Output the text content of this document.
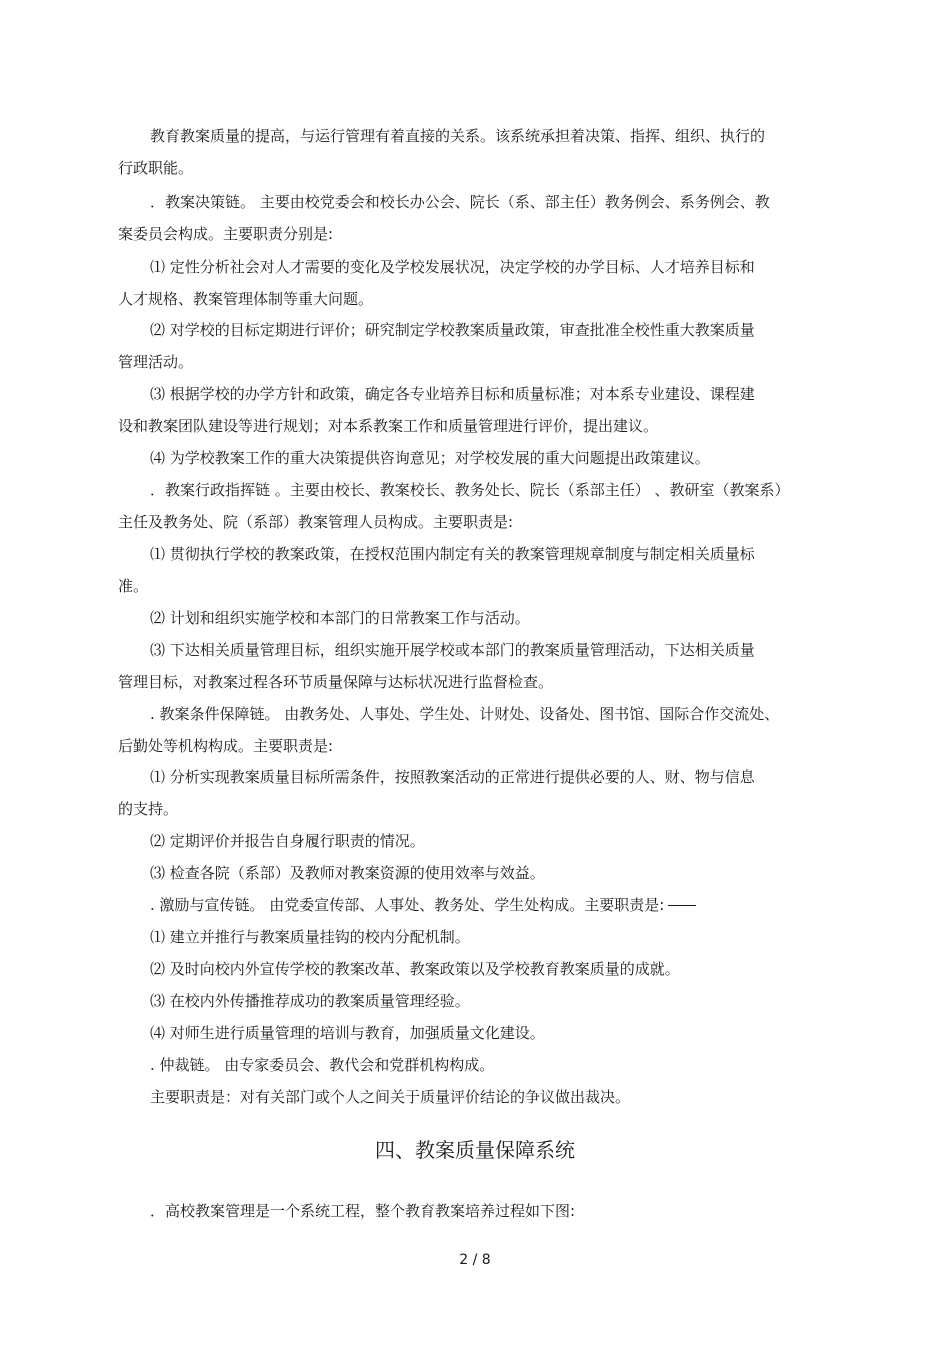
教育教案质量的提高，与运行管理有着直接的关系。该系统承担着决策、指挥、组织、执行的
行政职能。
．教案决策链。 主要由校党委会和校长办公会、院长（系、部主任）教务例会、系务例会、教
案委员会构成。主要职责分别是:
⑴ 定性分析社会对人才需要的变化及学校发展状况，决定学校的办学目标、人才培养目标和
人才规格、教案管理体制等重大问题。
⑵ 对学校的目标定期进行评价；研究制定学校教案质量政策，审查批准全校性重大教案质量
管理活动。
⑶ 根据学校的办学方针和政策，确定各专业培养目标和质量标准；对本系专业建设、课程建
设和教案团队建设等进行规划；对本系教案工作和质量管理进行评价，提出建议。
⑷ 为学校教案工作的重大决策提供咨询意见；对学校发展的重大问题提出政策建议。
．教案行政指挥链 。主要由校长、教案校长、教务处长、院长（系部主任） 、教研室（教案系）
主任及教务处、院（系部）教案管理人员构成。主要职责是:
⑴ 贯彻执行学校的教案政策，在授权范围内制定有关的教案管理规章制度与制定相关质量标
准。
⑵ 计划和组织实施学校和本部门的日常教案工作与活动。
⑶ 下达相关质量管理目标，组织实施开展学校或本部门的教案质量管理活动，下达相关质量
管理目标，对教案过程各环节质量保障与达标状况进行监督检查。
. 教案条件保障链。 由教务处、人事处、学生处、计财处、设备处、图书馆、国际合作交流处、
后勤处等机构构成。主要职责是:
⑴ 分析实现教案质量目标所需条件，按照教案活动的正常进行提供必要的人、财、物与信息
的支持。
⑵ 定期评价并报告自身履行职责的情况。
⑶ 检查各院（系部）及教师对教案资源的使用效率与效益。
. 激励与宣传链。 由党委宣传部、人事处、教务处、学生处构成。主要职责是:
⑴ 建立并推行与教案质量挂钩的校内分配机制。
⑵ 及时向校内外宣传学校的教案改革、教案政策以及学校教育教案质量的成就。
⑶ 在校内外传播推荐成功的教案质量管理经验。
⑷ 对师生进行质量管理的培训与教育，加强质量文化建设。
. 仲裁链。 由专家委员会、教代会和党群机构构成。
主要职责是：对有关部门或个人之间关于质量评价结论的争议做出裁决。
四、教案质量保障系统
．高校教案管理是一个系统工程，整个教育教案培养过程如下图:
2 / 8
